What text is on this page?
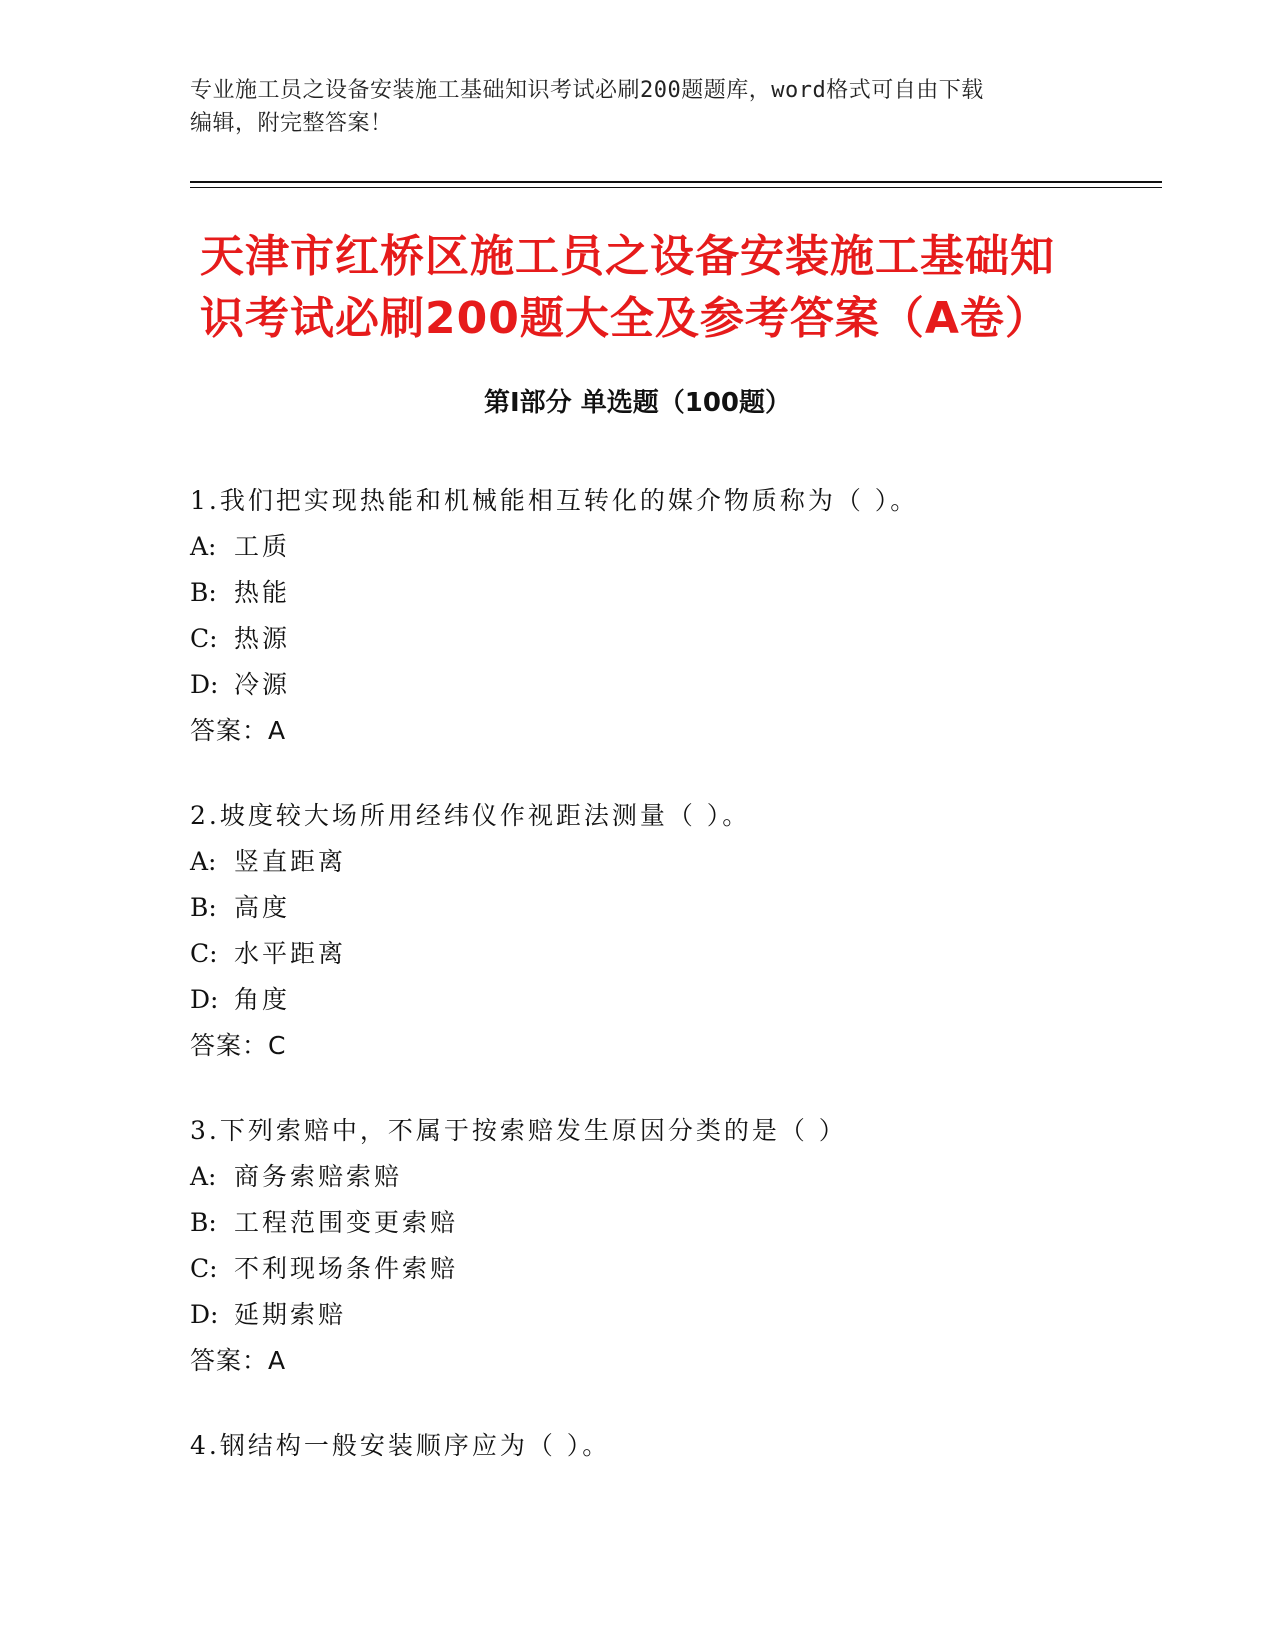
专业施工员之设备安装施工基础知识考试必刷200题题库，word格式可自由下载
编辑，附完整答案！
天津市红桥区施工员之设备安装施工基础知
识考试必刷200题大全及参考答案（A卷）
第Ⅰ部分 单选题（100题）
1.我们把实现热能和机械能相互转化的媒介物质称为（ ）。
A: 工质
B: 热能
C: 热源
D: 冷源
答案：A
2.坡度较大场所用经纬仪作视距法测量（ ）。
A: 竖直距离
B: 高度
C: 水平距离
D: 角度
答案：C
3.下列索赔中，不属于按索赔发生原因分类的是（ ）
A: 商务索赔索赔
B: 工程范围变更索赔
C: 不利现场条件索赔
D: 延期索赔
答案：A
4.钢结构一般安装顺序应为（ ）。
